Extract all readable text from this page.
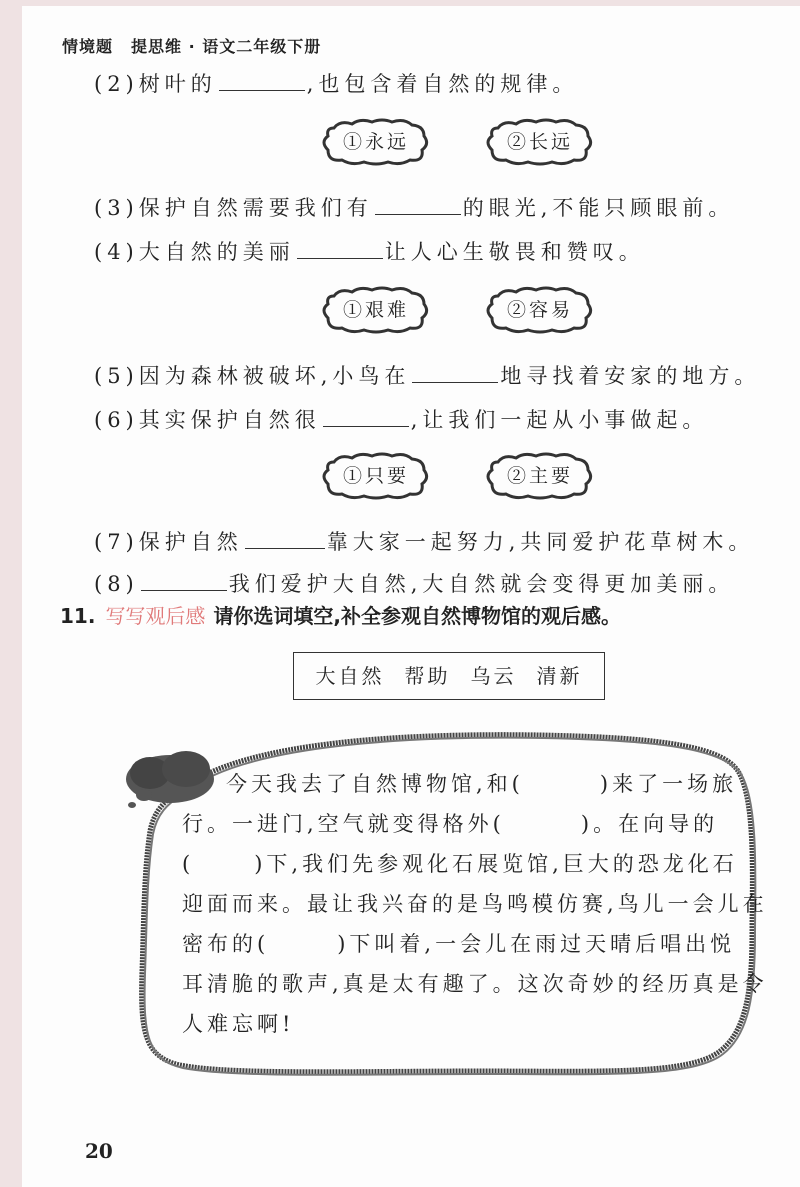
情境题 提思维 · 语文二年级下册
(2)树叶的	,也包含着自然的规律。
①永远	②长远
(3)保护自然需要我们有	的眼光,不能只顾眼前。
(4)大自然的美丽	让人心生敬畏和赞叹。
①艰难	②容易
(5)因为森林被破坏,小鸟在	地寻找着安家的地方。
(6)其实保护自然很	,让我们一起从小事做起。
①只要	②主要
(7)保护自然	靠大家一起努力,共同爱护花草树木。
(8)	我们爱护大自然,大自然就会变得更加美丽。
11. 写写观后感 请你选词填空,补全参观自然博物馆的观后感。
大自然 帮助 乌云 清新
今天我去了自然博物馆,和(	)来了一场旅
行。一进门,空气就变得格外(	)。在向导的
(	)下,我们先参观化石展览馆,巨大的恐龙化石
迎面而来。最让我兴奋的是鸟鸣模仿赛,鸟儿一会儿在
密布的(	)下叫着,一会儿在雨过天晴后唱出悦
耳清脆的歌声,真是太有趣了。这次奇妙的经历真是令
人难忘啊!
20
